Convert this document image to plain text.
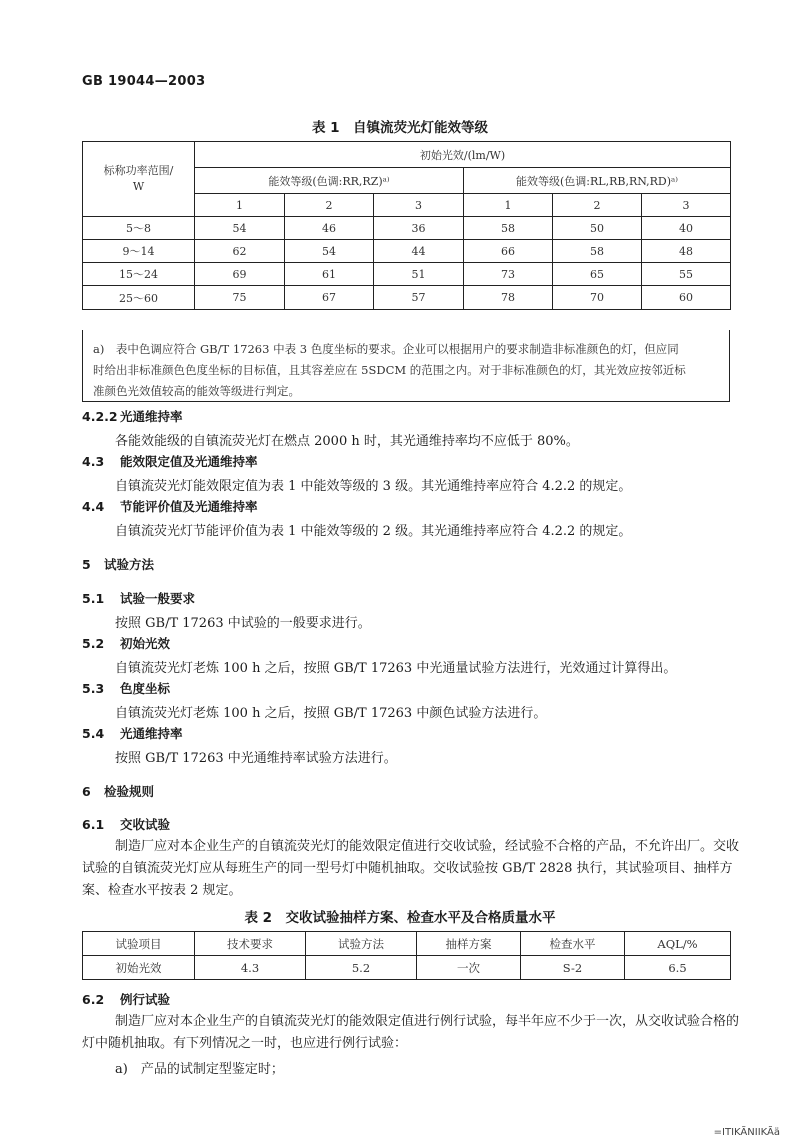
GB 19044—2003
表 1　自镇流荧光灯能效等级
标称功率范围/
W	初始光效/(lm/W)					
	能效等级(色调:RR,RZ)ᵃ⁾			能效等级(色调:RL,RB,RN,RD)ᵃ⁾		
	1	2	3	1	2	3
5～8	54	46	36	58	50	40
9～14	62	54	44	66	58	48
15～24	69	61	51	73	65	55
25～60	75	67	57	78	70	60
a)　表中色调应符合 GB/T 17263 中表 3 色度坐标的要求。企业可以根据用户的要求制造非标准颜色的灯，但应同
时给出非标准颜色色度坐标的目标值，且其容差应在 5SDCM 的范围之内。对于非标准颜色的灯，其光效应按邻近标
准颜色光效值较高的能效等级进行判定。
4.2.2 光通维持率
各能效能级的自镇流荧光灯在燃点 2000 h 时，其光通维持率均不应低于 80%。
4.3 能效限定值及光通维持率
自镇流荧光灯能效限定值为表 1 中能效等级的 3 级。其光通维持率应符合 4.2.2 的规定。
4.4 节能评价值及光通维持率
自镇流荧光灯节能评价值为表 1 中能效等级的 2 级。其光通维持率应符合 4.2.2 的规定。
5 试验方法
5.1 试验一般要求
按照 GB/T 17263 中试验的一般要求进行。
5.2 初始光效
自镇流荧光灯老炼 100 h 之后，按照 GB/T 17263 中光通量试验方法进行，光效通过计算得出。
5.3 色度坐标
自镇流荧光灯老炼 100 h 之后，按照 GB/T 17263 中颜色试验方法进行。
5.4 光通维持率
按照 GB/T 17263 中光通维持率试验方法进行。
6 检验规则
6.1 交收试验
制造厂应对本企业生产的自镇流荧光灯的能效限定值进行交收试验，经试验不合格的产品，不允许出厂。交收试验的自镇流荧光灯应从每班生产的同一型号灯中随机抽取。交收试验按 GB/T 2828 执行，其试验项目、抽样方案、检查水平按表 2 规定。
表 2　交收试验抽样方案、检查水平及合格质量水平
试验项目	技术要求	试验方法	抽样方案	检查水平	AQL/%
初始光效	4.3	5.2	一次	S-2	6.5
6.2 例行试验
制造厂应对本企业生产的自镇流荧光灯的能效限定值进行例行试验，每半年应不少于一次，从交收试验合格的灯中随机抽取。有下列情况之一时，也应进行例行试验：
a)　产品的试制定型鉴定时；
=ITIKÃNIIKÃä
